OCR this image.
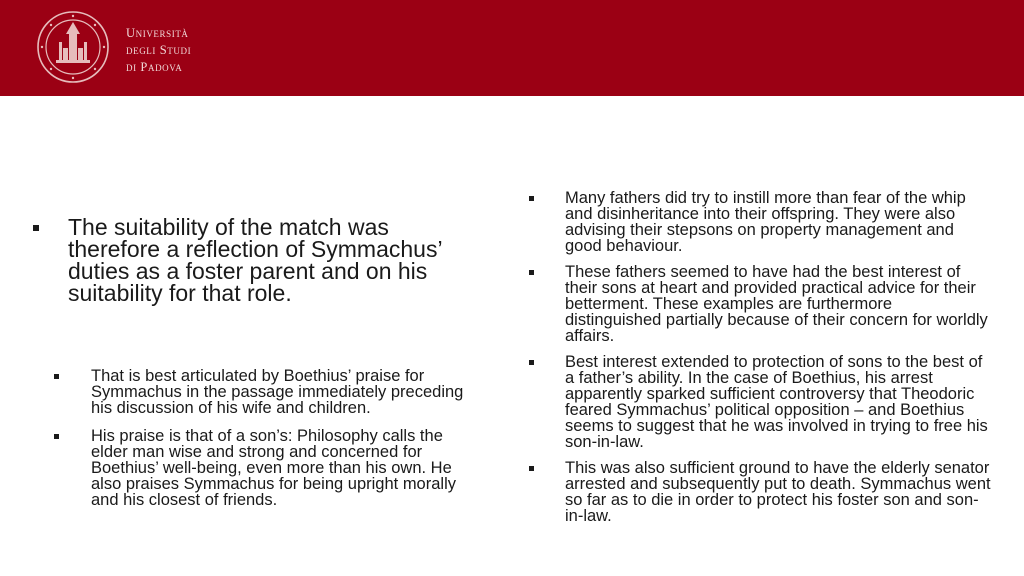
Università
degli Studi
di Padova
The suitability of the match was therefore a reflection of Symmachus’ duties as a foster parent and on his suitability for that role.
That is best articulated by Boethius’ praise for Symmachus in the passage immediately preceding his discussion of his wife and children.
His praise is that of a son’s: Philosophy calls the elder man wise and strong and concerned for Boethius’ well-being, even more than his own. He also praises Symmachus for being upright morally and his closest of friends.
Many fathers did try to instill more than fear of the whip and disinheritance into their offspring. They were also advising their stepsons on property management and good behaviour.
These fathers seemed to have had the best interest of their sons at heart and provided practical advice for their betterment. These examples are furthermore distinguished partially because of their concern for worldly affairs.
Best interest extended to protection of sons to the best of a father’s ability. In the case of Boethius, his arrest apparently sparked sufficient controversy that Theodoric feared Symmachus’ political opposition – and Boethius seems to suggest that he was involved in trying to free his son-in-law.
This was also sufficient ground to have the elderly senator arrested and subsequently put to death. Symmachus went so far as to die in order to protect his foster son and son-in-law.
